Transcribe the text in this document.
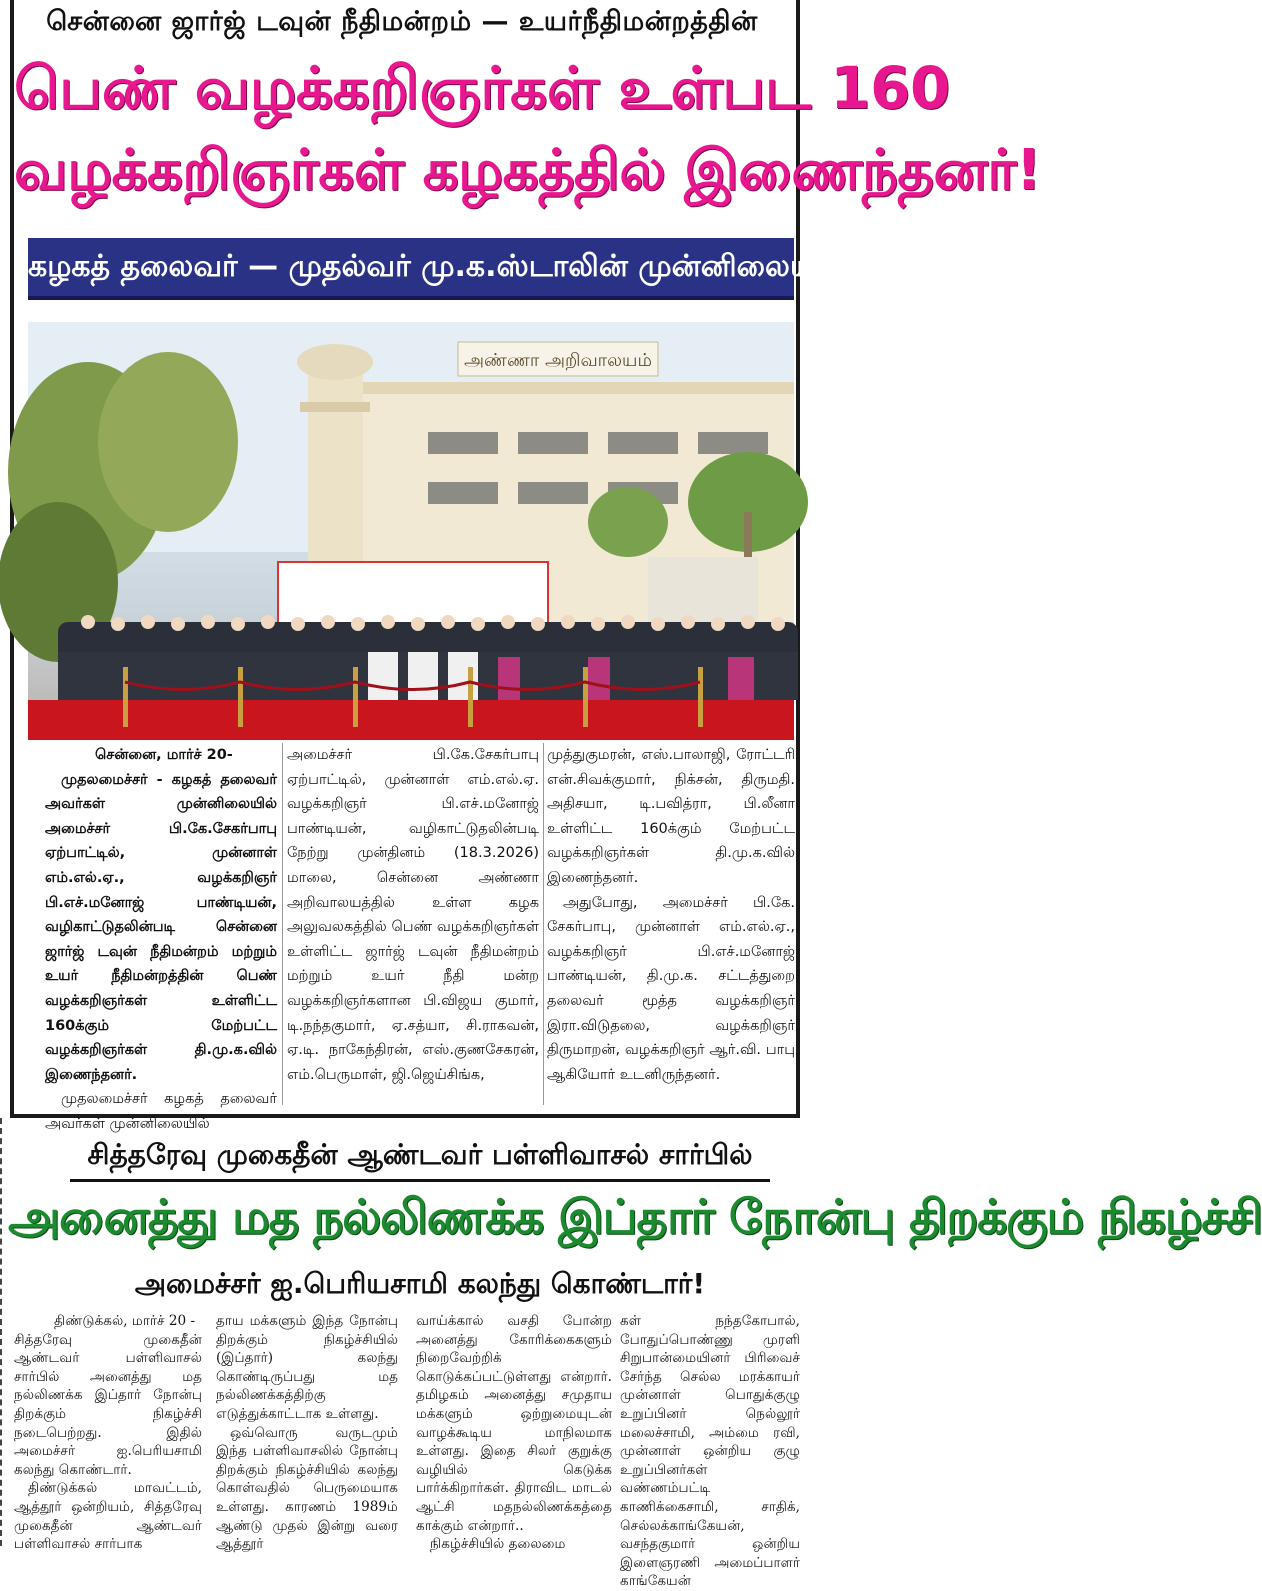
சென்னை ஜார்ஜ் டவுன் நீதிமன்றம் — உயர்நீதிமன்றத்தின்
பெண் வழக்கறிஞர்கள் உள்பட 160
வழக்கறிஞர்கள் கழகத்தில் இணைந்தனர்!
கழகத் தலைவர் — முதல்வர் மு.க.ஸ்டாலின் முன்னிலையில்!
அண்ணா அறிவாலயம்
சென்னை, மார்ச் 20-

முதலமைச்சர் - கழகத் தலைவர் அவர்கள் முன்னிலையில் அமைச்சர் பி.கே.சேகர்பாபு ஏற்பாட்டில், முன்னாள் எம்.எல்.ஏ., வழக்கறிஞர் பி.எச்.மனோஜ் பாண்டியன், வழிகாட்டுதலின்படி சென்னை ஜார்ஜ் டவுன் நீதிமன்றம் மற்றும் உயர் நீதிமன்றத்தின் பெண் வழக்கறிஞர்கள் உள்ளிட்ட 160க்கும் மேற்பட்ட வழக்கறிஞர்கள் தி.மு.க.வில் இணைந்தனர்.

முதலமைச்சர் கழகத் தலைவர் அவர்கள் முன்னிலையில்

அமைச்சர் பி.கே.சேகர்பாபு ஏற்பாட்டில், முன்னாள் எம்.எல்.ஏ. வழக்கறிஞர் பி.எச்.மனோஜ் பாண்டியன், வழிகாட்டுதலின்படி நேற்று முன்தினம் (18.3.2026) மாலை, சென்னை அண்ணா அறிவாலயத்தில் உள்ள கழக அலுவலகத்தில் பெண் வழக்கறிஞர்கள் உள்ளிட்ட ஜார்ஜ் டவுன் நீதிமன்றம் மற்றும் உயர் நீதி மன்ற வழக்கறிஞர்களான பி.விஜய குமார், டி.நந்தகுமார், ஏ.சத்யா, சி.ராகவன், ஏ.டி. நாகேந்திரன், எஸ்.குணசேகரன், எம்.பெருமாள், ஜி.ஜெய்சிங்க,
முத்துகுமரன், எஸ்.பாலாஜி, ரோட்டரி என்.சிவக்குமார், நிக்சன், திருமதி. அதிசயா, டி.பவித்ரா, பி.லீனா உள்ளிட்ட 160க்கும் மேற்பட்ட வழக்கறிஞர்கள் தி.மு.க.வில் இணைந்தனர்.

அதுபோது, அமைச்சர் பி.கே. சேகர்பாபு, முன்னாள் எம்.எல்.ஏ., வழக்கறிஞர் பி.எச்.மனோஜ் பாண்டியன், தி.மு.க. சட்டத்துறை தலைவர் மூத்த வழக்கறிஞர் இரா.விடுதலை, வழக்கறிஞர் திருமாறன், வழக்கறிஞர் ஆர்.வி. பாபு ஆகியோர் உடனிருந்தனர்.

சித்தரேவு முகைதீன் ஆண்டவர் பள்ளிவாசல் சார்பில்
அனைத்து மத நல்லிணக்க இப்தார் நோன்பு திறக்கும் நிகழ்ச்சி
அமைச்சர் ஐ.பெரியசாமி கலந்து கொண்டார்!
திண்டுக்கல், மார்ச் 20 -
சித்தரேவு முகைதீன் ஆண்டவர் பள்ளிவாசல் சார்பில் அனைத்து மத நல்லிணக்க இப்தார் நோன்பு திறக்கும் நிகழ்ச்சி நடைபெற்றது. இதில் அமைச்சர் ஐ.பெரியசாமி கலந்து கொண்டார்.

திண்டுக்கல் மாவட்டம், ஆத்தூர் ஒன்றியம், சித்தரேவு முகைதீன் ஆண்டவர் பள்ளிவாசல் சார்பாக

தாய மக்களும் இந்த நோன்பு திறக்கும் நிகழ்ச்சியில் (இப்தார்) கலந்து கொண்டிருப்பது மத நல்லிணக்கத்திற்கு எடுத்துக்காட்டாக உள்ளது.

ஒவ்வொரு வருடமும் இந்த பள்ளிவாசலில் நோன்பு திறக்கும் நிகழ்ச்சியில் கலந்து கொள்வதில் பெருமையாக உள்ளது. காரணம் 1989ம் ஆண்டு முதல் இன்று வரை ஆத்தூர்

வாய்க்கால் வசதி போன்ற அனைத்து கோரிக்கைகளும் நிறைவேற்றிக் கொடுக்கப்பட்டுள்ளது என்றார். தமிழகம் அனைத்து சமுதாய மக்களும் ஒற்றுமையுடன் வாழக்கூடிய மாநிலமாக உள்ளது. இதை சிலர் குறுக்கு வழியில் கெடுக்க பார்க்கிறார்கள். திராவிட மாடல் ஆட்சி மதநல்லிணக்கத்தை காக்கும் என்றார்..

நிகழ்ச்சியில் தலைமை

கள் நந்தகோபால், போதுப்பொண்ணு முரளி சிறுபான்மையினர் பிரிவைச் சேர்ந்த செல்ல மரக்காயர் முன்னாள் பொதுக்குழு உறுப்பினர் நெல்லூர் மலைச்சாமி, அம்மை ரவி, முன்னாள் ஒன்றிய குழு உறுப்பினர்கள் வண்ணம்பட்டி காணிக்கைசாமி, சாதிக், செல்லக்காங்கேயன், வசந்தகுமார் ஒன்றிய இளைஞரணி அமைப்பாளர் காங்கேயன்
